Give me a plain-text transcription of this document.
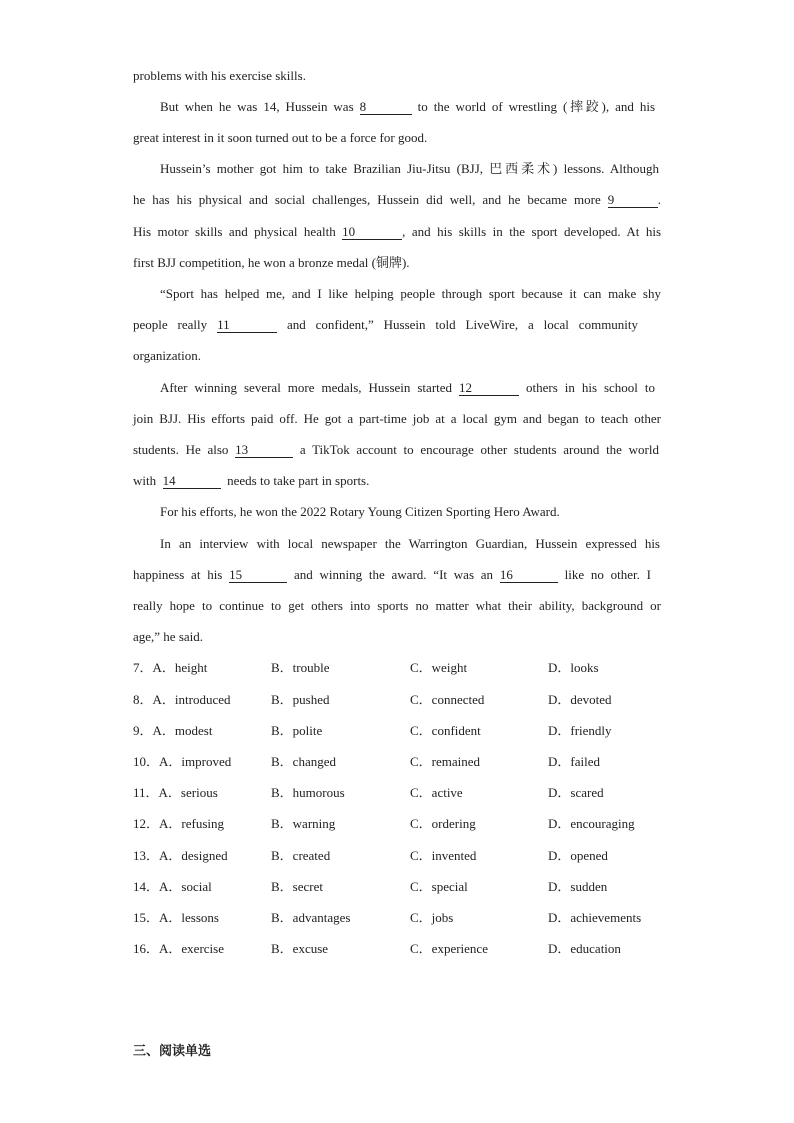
problems with his exercise skills.
But when he was 14, Hussein was 8	to the world of wrestling (摔跤), and his
great interest in it soon turned out to be a force for good.
Hussein’s mother got him to take Brazilian Jiu-Jitsu (BJJ, 巴西柔术) lessons. Although
he has his physical and social challenges, Hussein did well, and he became more 9	.
His motor skills and physical health 10	, and his skills in the sport developed. At his
first BJJ competition, he won a bronze medal (铜牌).
“Sport has helped me, and I like helping people through sport because it can make shy
people really 11	and confident,” Hussein told LiveWire, a local community
organization.
After winning several more medals, Hussein started 12	others in his school to
join BJJ. His efforts paid off. He got a part-time job at a local gym and began to teach other
students. He also 13	a TikTok account to encourage other students around the world
with 14	needs to take part in sports.
For his efforts, he won the 2022 Rotary Young Citizen Sporting Hero Award.
In an interview with local newspaper the Warrington Guardian, Hussein expressed his
happiness at his 15	and winning the award. “It was an 16	like no other. I
really hope to continue to get others into sports no matter what their ability, background or
age,” he said.
7．A．height	B．trouble	C．weight	D．looks
8．A．introduced	B．pushed	C．connected	D．devoted
9．A．modest	B．polite	C．confident	D．friendly
10．A．improved	B．changed	C．remained	D．failed
11．A．serious	B．humorous	C．active	D．scared
12．A．refusing	B．warning	C．ordering	D．encouraging
13．A．designed	B．created	C．invented	D．opened
14．A．social	B．secret	C．special	D．sudden
15．A．lessons	B．advantages	C．jobs	D．achievements
16．A．exercise	B．excuse	C．experience	D．education
三、阅读单选
